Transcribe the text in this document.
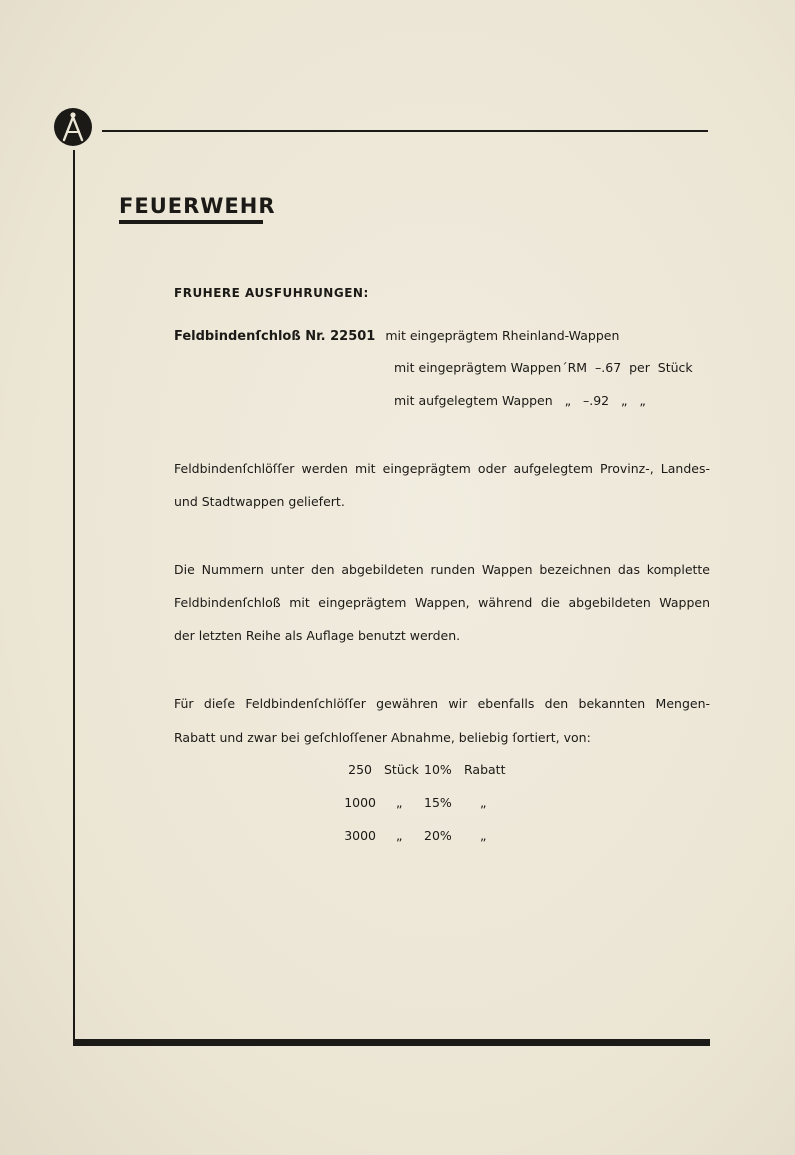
FEUERWEHR
FRUHERE AUSFUHRUNGEN:
Feldbindenſchloß Nr. 22501 mit eingeprägtem Rheinland-Wappen
mit eingeprägtem Wappen´RM  –.67  per  Stück
mit aufgelegtem Wappen   „   –.92   „   „
Feldbindenſchlöſſer werden mit eingeprägtem oder aufgelegtem Provinz-, Landes-
und Stadtwappen geliefert.
Die Nummern unter den abgebildeten runden Wappen bezeichnen das komplette
Feldbindenſchloß mit eingeprägtem Wappen, während die abgebildeten Wappen
der letzten Reihe als Auflage benutzt werden.
Für dieſe Feldbindenſchlöſſer gewähren wir ebenfalls den bekannten Mengen-
Rabatt und zwar bei geſchloſſener Abnahme, beliebig ſortiert, von:
250 Stück 10% Rabatt
1000 „ 15% „
3000 „ 20% „
